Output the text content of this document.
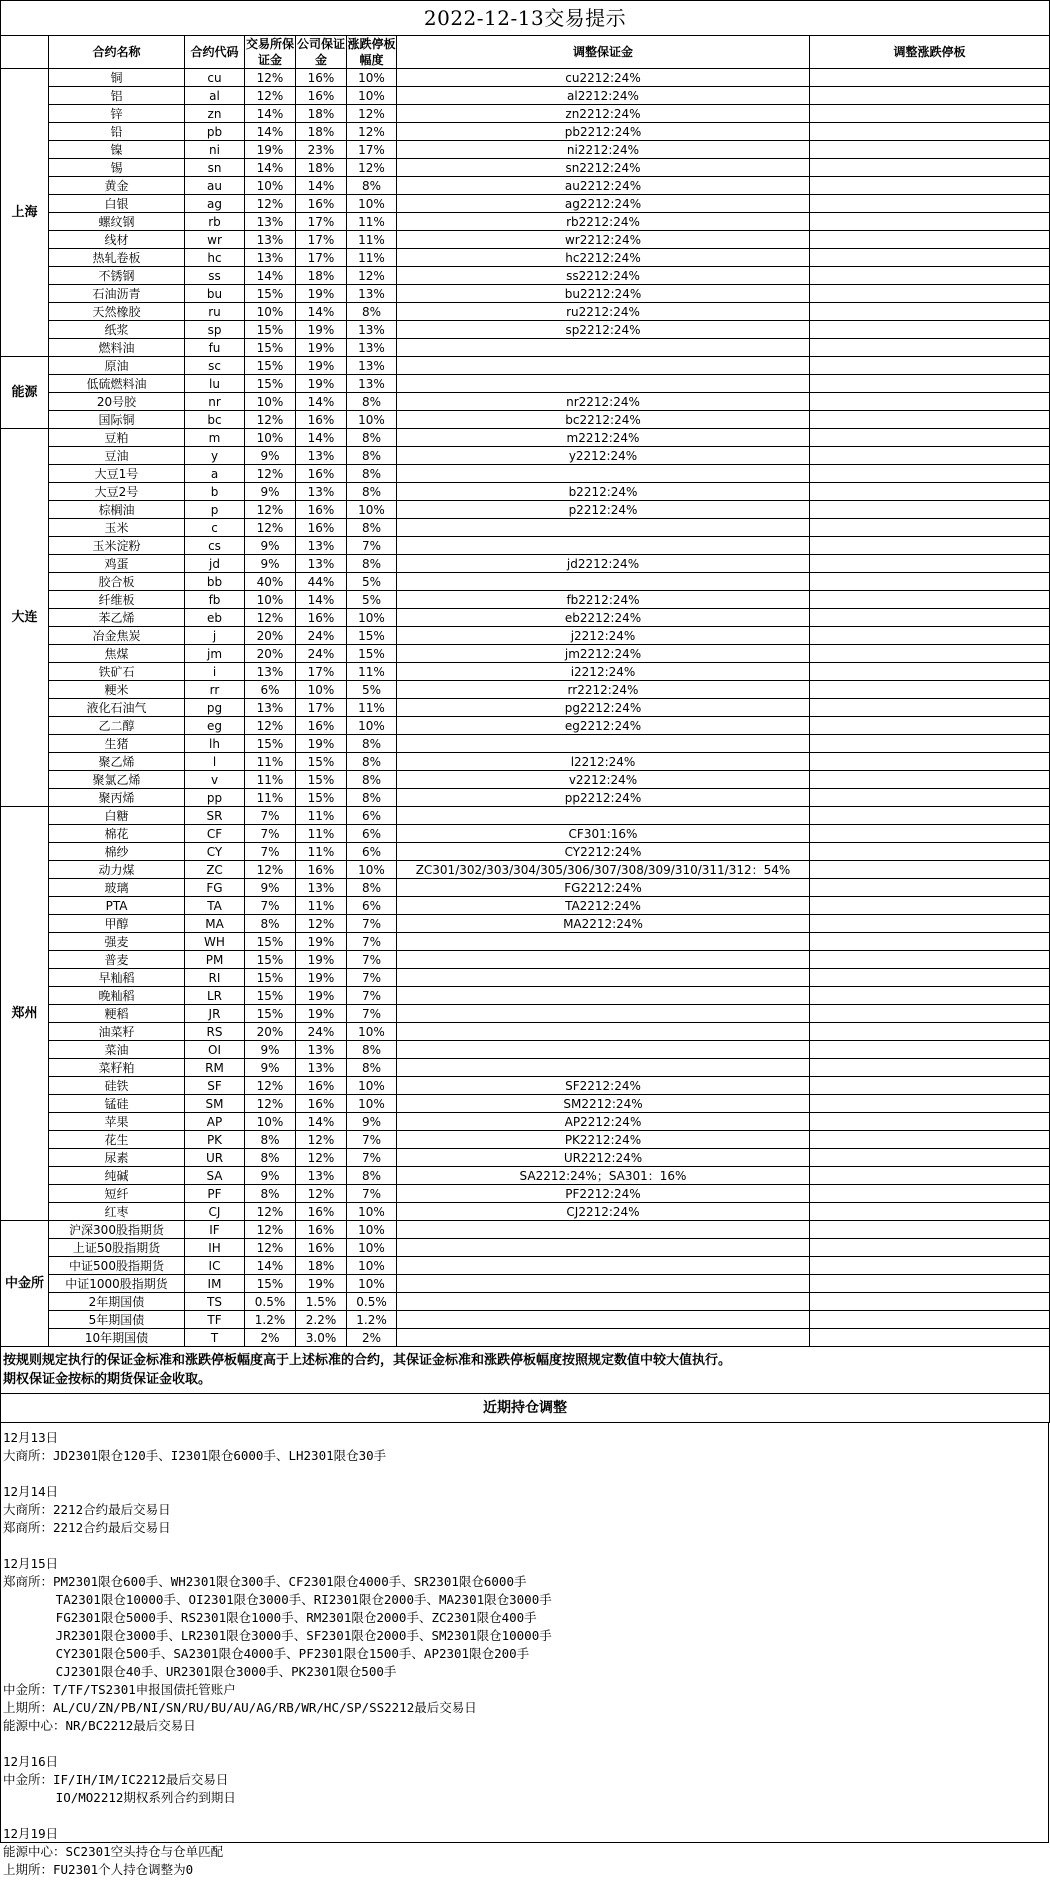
2022-12-13交易提示							
	合约名称	合约代码	交易所保证金	公司保证金	涨跌停板幅度	调整保证金	调整涨跌停板
上海	铜	cu	12%	16%	10%	cu2212:24%	
	铝	al	12%	16%	10%	al2212:24%	
	锌	zn	14%	18%	12%	zn2212:24%	
	铅	pb	14%	18%	12%	pb2212:24%	
	镍	ni	19%	23%	17%	ni2212:24%	
	锡	sn	14%	18%	12%	sn2212:24%	
	黄金	au	10%	14%	8%	au2212:24%	
	白银	ag	12%	16%	10%	ag2212:24%	
	螺纹钢	rb	13%	17%	11%	rb2212:24%	
	线材	wr	13%	17%	11%	wr2212:24%	
	热轧卷板	hc	13%	17%	11%	hc2212:24%	
	不锈钢	ss	14%	18%	12%	ss2212:24%	
	石油沥青	bu	15%	19%	13%	bu2212:24%	
	天然橡胶	ru	10%	14%	8%	ru2212:24%	
	纸浆	sp	15%	19%	13%	sp2212:24%	
	燃料油	fu	15%	19%	13%		
能源	原油	sc	15%	19%	13%		
	低硫燃料油	lu	15%	19%	13%		
	20号胶	nr	10%	14%	8%	nr2212:24%	
	国际铜	bc	12%	16%	10%	bc2212:24%	
大连	豆粕	m	10%	14%	8%	m2212:24%	
	豆油	y	9%	13%	8%	y2212:24%	
	大豆1号	a	12%	16%	8%		
	大豆2号	b	9%	13%	8%	b2212:24%	
	棕榈油	p	12%	16%	10%	p2212:24%	
	玉米	c	12%	16%	8%		
	玉米淀粉	cs	9%	13%	7%		
	鸡蛋	jd	9%	13%	8%	jd2212:24%	
	胶合板	bb	40%	44%	5%		
	纤维板	fb	10%	14%	5%	fb2212:24%	
	苯乙烯	eb	12%	16%	10%	eb2212:24%	
	冶金焦炭	j	20%	24%	15%	j2212:24%	
	焦煤	jm	20%	24%	15%	jm2212:24%	
	铁矿石	i	13%	17%	11%	i2212:24%	
	粳米	rr	6%	10%	5%	rr2212:24%	
	液化石油气	pg	13%	17%	11%	pg2212:24%	
	乙二醇	eg	12%	16%	10%	eg2212:24%	
	生猪	lh	15%	19%	8%		
	聚乙烯	l	11%	15%	8%	l2212:24%	
	聚氯乙烯	v	11%	15%	8%	v2212:24%	
	聚丙烯	pp	11%	15%	8%	pp2212:24%	
郑州	白糖	SR	7%	11%	6%		
	棉花	CF	7%	11%	6%	CF301:16%	
	棉纱	CY	7%	11%	6%	CY2212:24%	
	动力煤	ZC	12%	16%	10%	ZC301/302/303/304/305/306/307/308/309/310/311/312：54%	
	玻璃	FG	9%	13%	8%	FG2212:24%	
	PTA	TA	7%	11%	6%	TA2212:24%	
	甲醇	MA	8%	12%	7%	MA2212:24%	
	强麦	WH	15%	19%	7%		
	普麦	PM	15%	19%	7%		
	早籼稻	RI	15%	19%	7%		
	晚籼稻	LR	15%	19%	7%		
	粳稻	JR	15%	19%	7%		
	油菜籽	RS	20%	24%	10%		
	菜油	OI	9%	13%	8%		
	菜籽粕	RM	9%	13%	8%		
	硅铁	SF	12%	16%	10%	SF2212:24%	
	锰硅	SM	12%	16%	10%	SM2212:24%	
	苹果	AP	10%	14%	9%	AP2212:24%	
	花生	PK	8%	12%	7%	PK2212:24%	
	尿素	UR	8%	12%	7%	UR2212:24%	
	纯碱	SA	9%	13%	8%	SA2212:24%；SA301：16%	
	短纤	PF	8%	12%	7%	PF2212:24%	
	红枣	CJ	12%	16%	10%	CJ2212:24%	
中金所	沪深300股指期货	IF	12%	16%	10%		
	上证50股指期货	IH	12%	16%	10%		
	中证500股指期货	IC	14%	18%	10%		
	中证1000股指期货	IM	15%	19%	10%		
	2年期国债	TS	0.5%	1.5%	0.5%		
	5年期国债	TF	1.2%	2.2%	1.2%		
	10年期国债	T	2%	3.0%	2%		

按规则规定执行的保证金标准和涨跌停板幅度高于上述标准的合约，其保证金标准和涨跌停板幅度按照规定数值中较大值执行。
期权保证金按标的期货保证金收取。							

近期持仓调整							
12月13日
大商所：JD2301限仓120手、I2301限仓6000手、LH2301限仓30手
12月14日
大商所：2212合约最后交易日
郑商所：2212合约最后交易日
12月15日
郑商所：PM2301限仓600手、WH2301限仓300手、CF2301限仓4000手、SR2301限仓6000手
TA2301限仓10000手、OI2301限仓3000手、RI2301限仓2000手、MA2301限仓3000手
FG2301限仓5000手、RS2301限仓1000手、RM2301限仓2000手、ZC2301限仓400手
JR2301限仓3000手、LR2301限仓3000手、SF2301限仓2000手、SM2301限仓10000手
CY2301限仓500手、SA2301限仓4000手、PF2301限仓1500手、AP2301限仓200手
CJ2301限仓40手、UR2301限仓3000手、PK2301限仓500手
中金所：T/TF/TS2301申报国债托管账户
上期所：AL/CU/ZN/PB/NI/SN/RU/BU/AU/AG/RB/WR/HC/SP/SS2212最后交易日
能源中心：NR/BC2212最后交易日
12月16日
中金所：IF/IH/IM/IC2212最后交易日
IO/MO2212期权系列合约到期日
12月19日
能源中心：SC2301空头持仓与仓单匹配
上期所：FU2301个人持仓调整为0
